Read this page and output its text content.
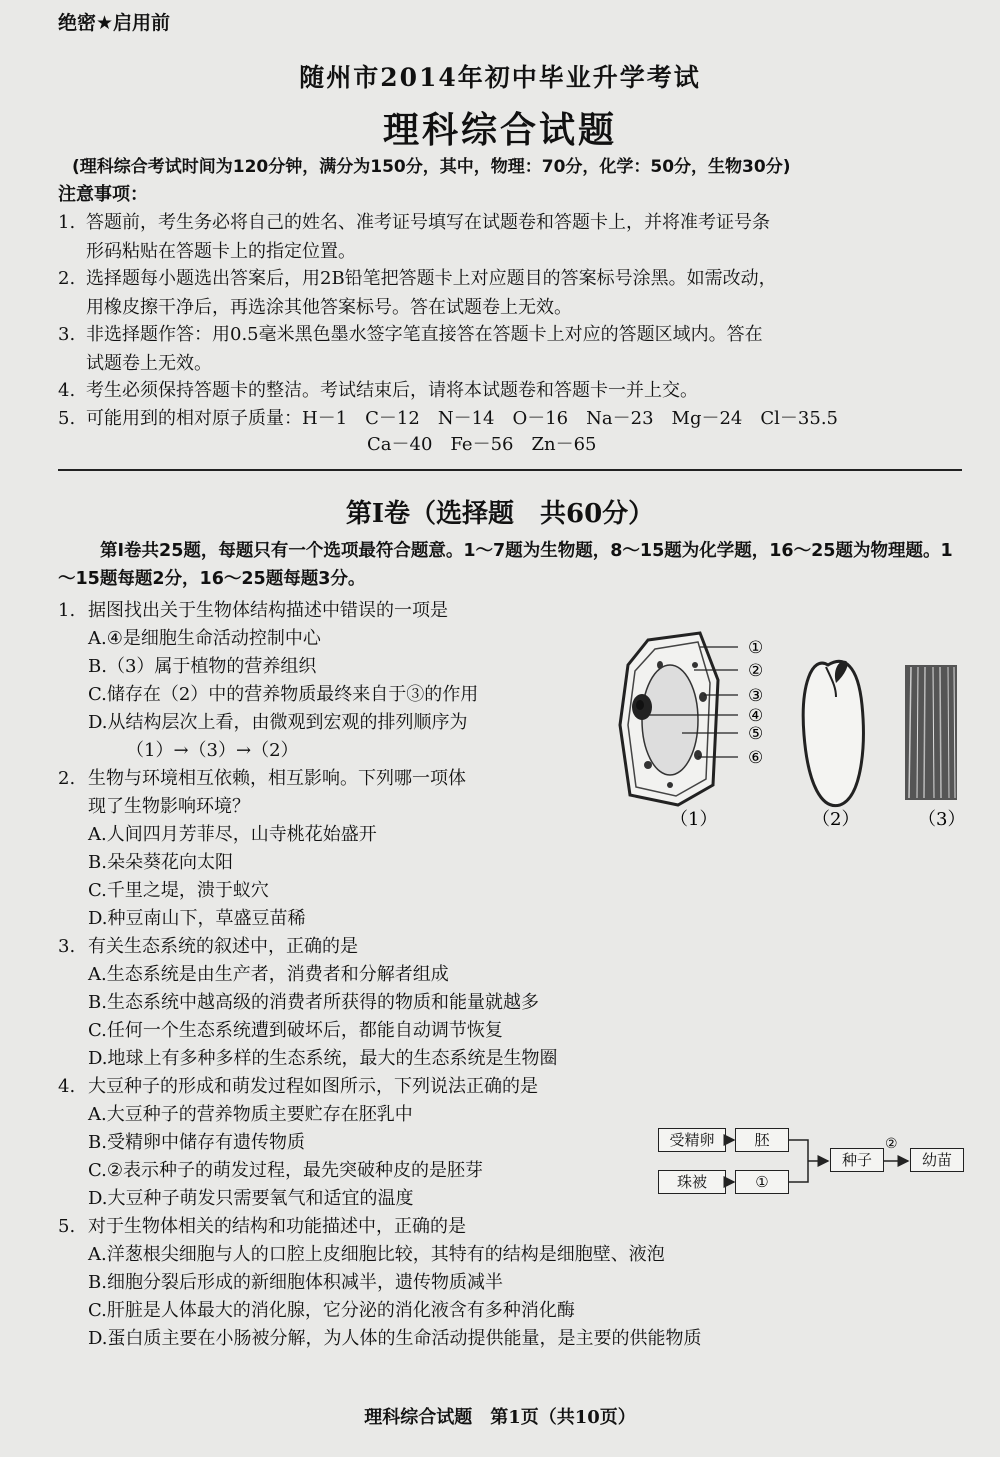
绝密★启用前
随州市2014年初中毕业升学考试
理科综合试题
(理科综合考试时间为120分钟，满分为150分，其中，物理：70分，化学：50分，生物30分)
注意事项：
1. 答题前，考生务必将自己的姓名、准考证号填写在试题卷和答题卡上，并将准考证号条
形码粘贴在答题卡上的指定位置。
2. 选择题每小题选出答案后，用2B铅笔把答题卡上对应题目的答案标号涂黑。如需改动，
用橡皮擦干净后，再选涂其他答案标号。答在试题卷上无效。
3. 非选择题作答：用0.5毫米黑色墨水签字笔直接答在答题卡上对应的答题区域内。答在
试题卷上无效。
4. 考生必须保持答题卡的整洁。考试结束后，请将本试题卷和答题卡一并上交。
5. 可能用到的相对原子质量：H－1　C－12　N－14　O－16　Na－23　Mg－24　Cl－35.5
Ca－40　Fe－56　Zn－65
第Ⅰ卷（选择题　共60分）
第Ⅰ卷共25题，每题只有一个选项最符合题意。1～7题为生物题，8～15题为化学题，16～25题为物理题。1～15题每题2分，16～25题每题3分。
1. 据图找出关于生物体结构描述中错误的一项是
A.④是细胞生命活动控制中心
B.（3）属于植物的营养组织
C.储存在（2）中的营养物质最终来自于③的作用
D.从结构层次上看，由微观到宏观的排列顺序为
（1）→（3）→（2）
2. 生物与环境相互依赖，相互影响。下列哪一项体
现了生物影响环境？
A.人间四月芳菲尽，山寺桃花始盛开
B.朵朵葵花向太阳
C.千里之堤，溃于蚁穴
D.种豆南山下，草盛豆苗稀
3. 有关生态系统的叙述中，正确的是
A.生态系统是由生产者，消费者和分解者组成
B.生态系统中越高级的消费者所获得的物质和能量就越多
C.任何一个生态系统遭到破坏后，都能自动调节恢复
D.地球上有多种多样的生态系统，最大的生态系统是生物圈
4. 大豆种子的形成和萌发过程如图所示，下列说法正确的是
A.大豆种子的营养物质主要贮存在胚乳中
B.受精卵中储存有遗传物质
C.②表示种子的萌发过程，最先突破种皮的是胚芽
D.大豆种子萌发只需要氧气和适宜的温度
5. 对于生物体相关的结构和功能描述中，正确的是
A.洋葱根尖细胞与人的口腔上皮细胞比较，其特有的结构是细胞壁、液泡
B.细胞分裂后形成的新细胞体积减半，遗传物质减半
C.肝脏是人体最大的消化腺，它分泌的消化液含有多种消化酶
D.蛋白质主要在小肠被分解，为人体的生命活动提供能量，是主要的供能物质
①
②
③
④
⑤
⑥
（1）	（2）	（3）
受精卵	胚
珠被	①
种子	幼苗
②
理科综合试题　第1页（共10页）
